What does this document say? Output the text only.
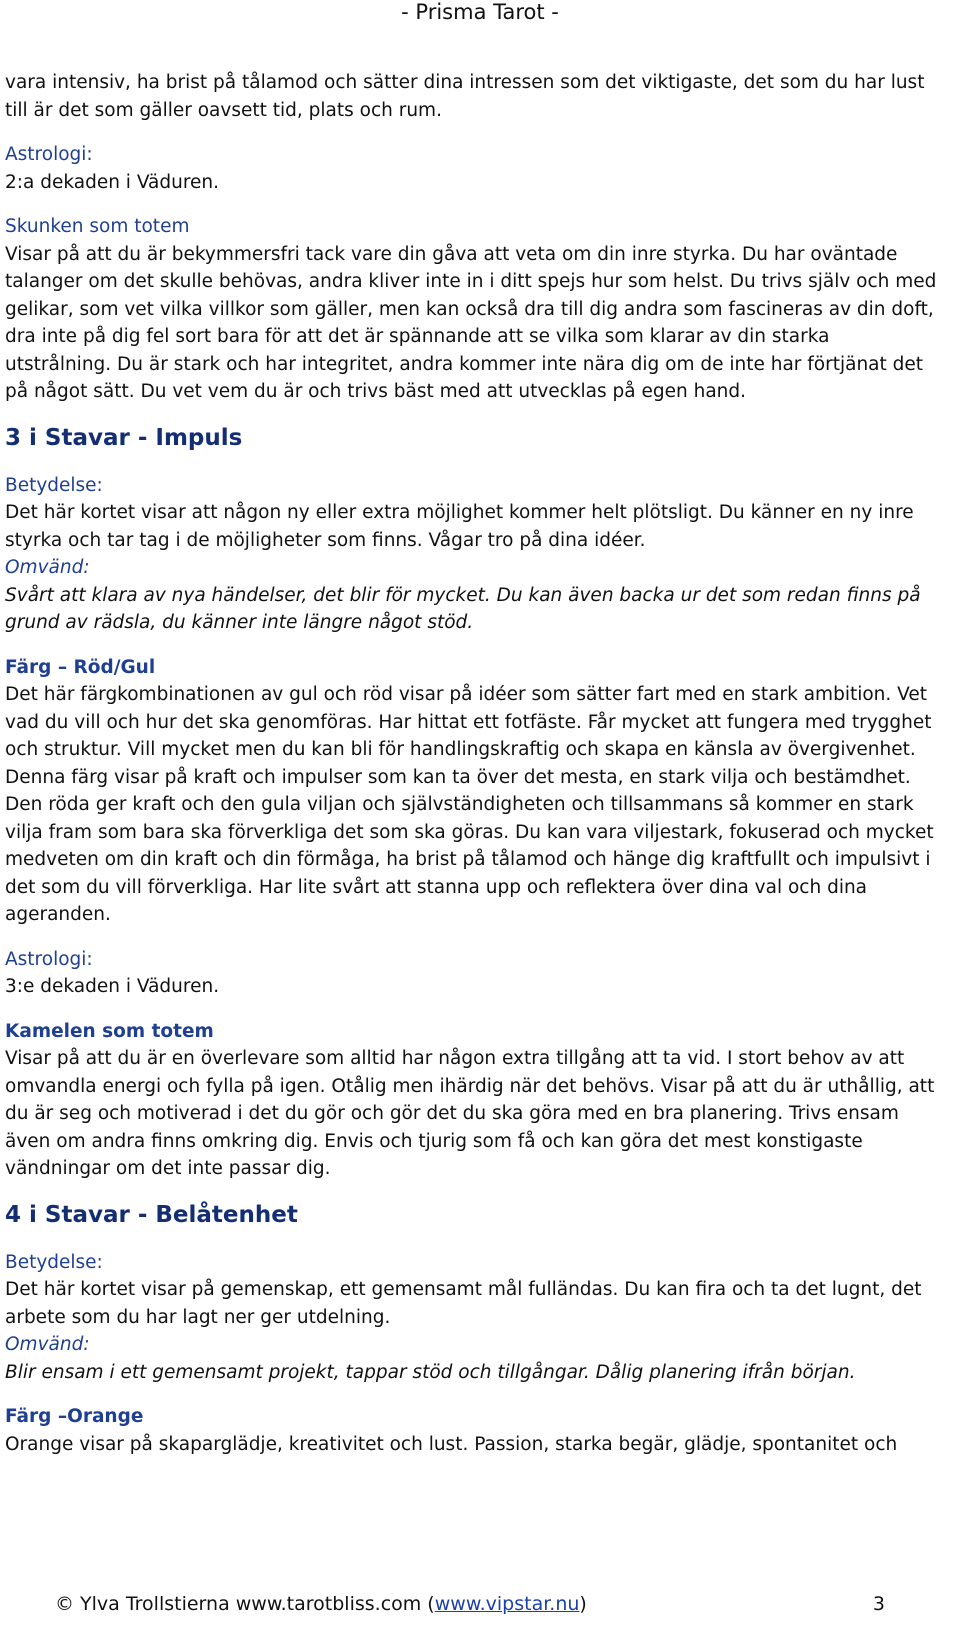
- Prisma Tarot -

vara intensiv, ha brist på tålamod och sätter dina intressen som det viktigaste, det som du har lust till är det som gäller oavsett tid, plats och rum.

Astrologi:

2:a dekaden i Väduren.

Skunken som totem

Visar på att du är bekymmersfri tack vare din gåva att veta om din inre styrka. Du har oväntade talanger om det skulle behövas, andra kliver inte in i ditt spejs hur som helst. Du trivs själv och med gelikar, som vet vilka villkor som gäller, men kan också dra till dig andra som fascineras av din doft, dra inte på dig fel sort bara för att det är spännande att se vilka som klarar av din starka utstrålning. Du är stark och har integritet, andra kommer inte nära dig om de inte har förtjänat det på något sätt. Du vet vem du är och trivs bäst med att utvecklas på egen hand.

3 i Stavar - Impuls

Betydelse:

Det här kortet visar att någon ny eller extra möjlighet kommer helt plötsligt. Du känner en ny inre styrka och tar tag i de möjligheter som finns. Vågar tro på dina idéer.

Omvänd:

Svårt att klara av nya händelser, det blir för mycket. Du kan även backa ur det som redan finns på grund av rädsla, du känner inte längre något stöd.

Färg – Röd/Gul

Det här färgkombinationen av gul och röd visar på idéer som sätter fart med en stark ambition. Vet vad du vill och hur det ska genomföras. Har hittat ett fotfäste. Får mycket att fungera med trygghet och struktur. Vill mycket men du kan bli för handlingskraftig och skapa en känsla av övergivenhet. Denna färg visar på kraft och impulser som kan ta över det mesta, en stark vilja och bestämdhet. Den röda ger kraft och den gula viljan och självständigheten och tillsammans så kommer en stark vilja fram som bara ska förverkliga det som ska göras. Du kan vara viljestark, fokuserad och mycket medveten om din kraft och din förmåga, ha brist på tålamod och hänge dig kraftfullt och impulsivt i det som du vill förverkliga. Har lite svårt att stanna upp och reflektera över dina val och dina ageranden.

Astrologi:

3:e dekaden i Väduren.

Kamelen som totem

Visar på att du är en överlevare som alltid har någon extra tillgång att ta vid. I stort behov av att omvandla energi och fylla på igen. Otålig men ihärdig när det behövs. Visar på att du är uthållig, att du är seg och motiverad i det du gör och gör det du ska göra med en bra planering. Trivs ensam även om andra finns omkring dig. Envis och tjurig som få och kan göra det mest konstigaste vändningar om det inte passar dig.

4 i Stavar - Belåtenhet

Betydelse:

Det här kortet visar på gemenskap, ett gemensamt mål fulländas. Du kan fira och ta det lugnt, det arbete som du har lagt ner ger utdelning.

Omvänd:

Blir ensam i ett gemensamt projekt, tappar stöd och tillgångar. Dålig planering ifrån början.

Färg –Orange

Orange visar på skaparglädje, kreativitet och lust. Passion, starka begär, glädje, spontanitet och

© Ylva Trollstierna www.tarotbliss.com (www.vipstar.nu)	3
